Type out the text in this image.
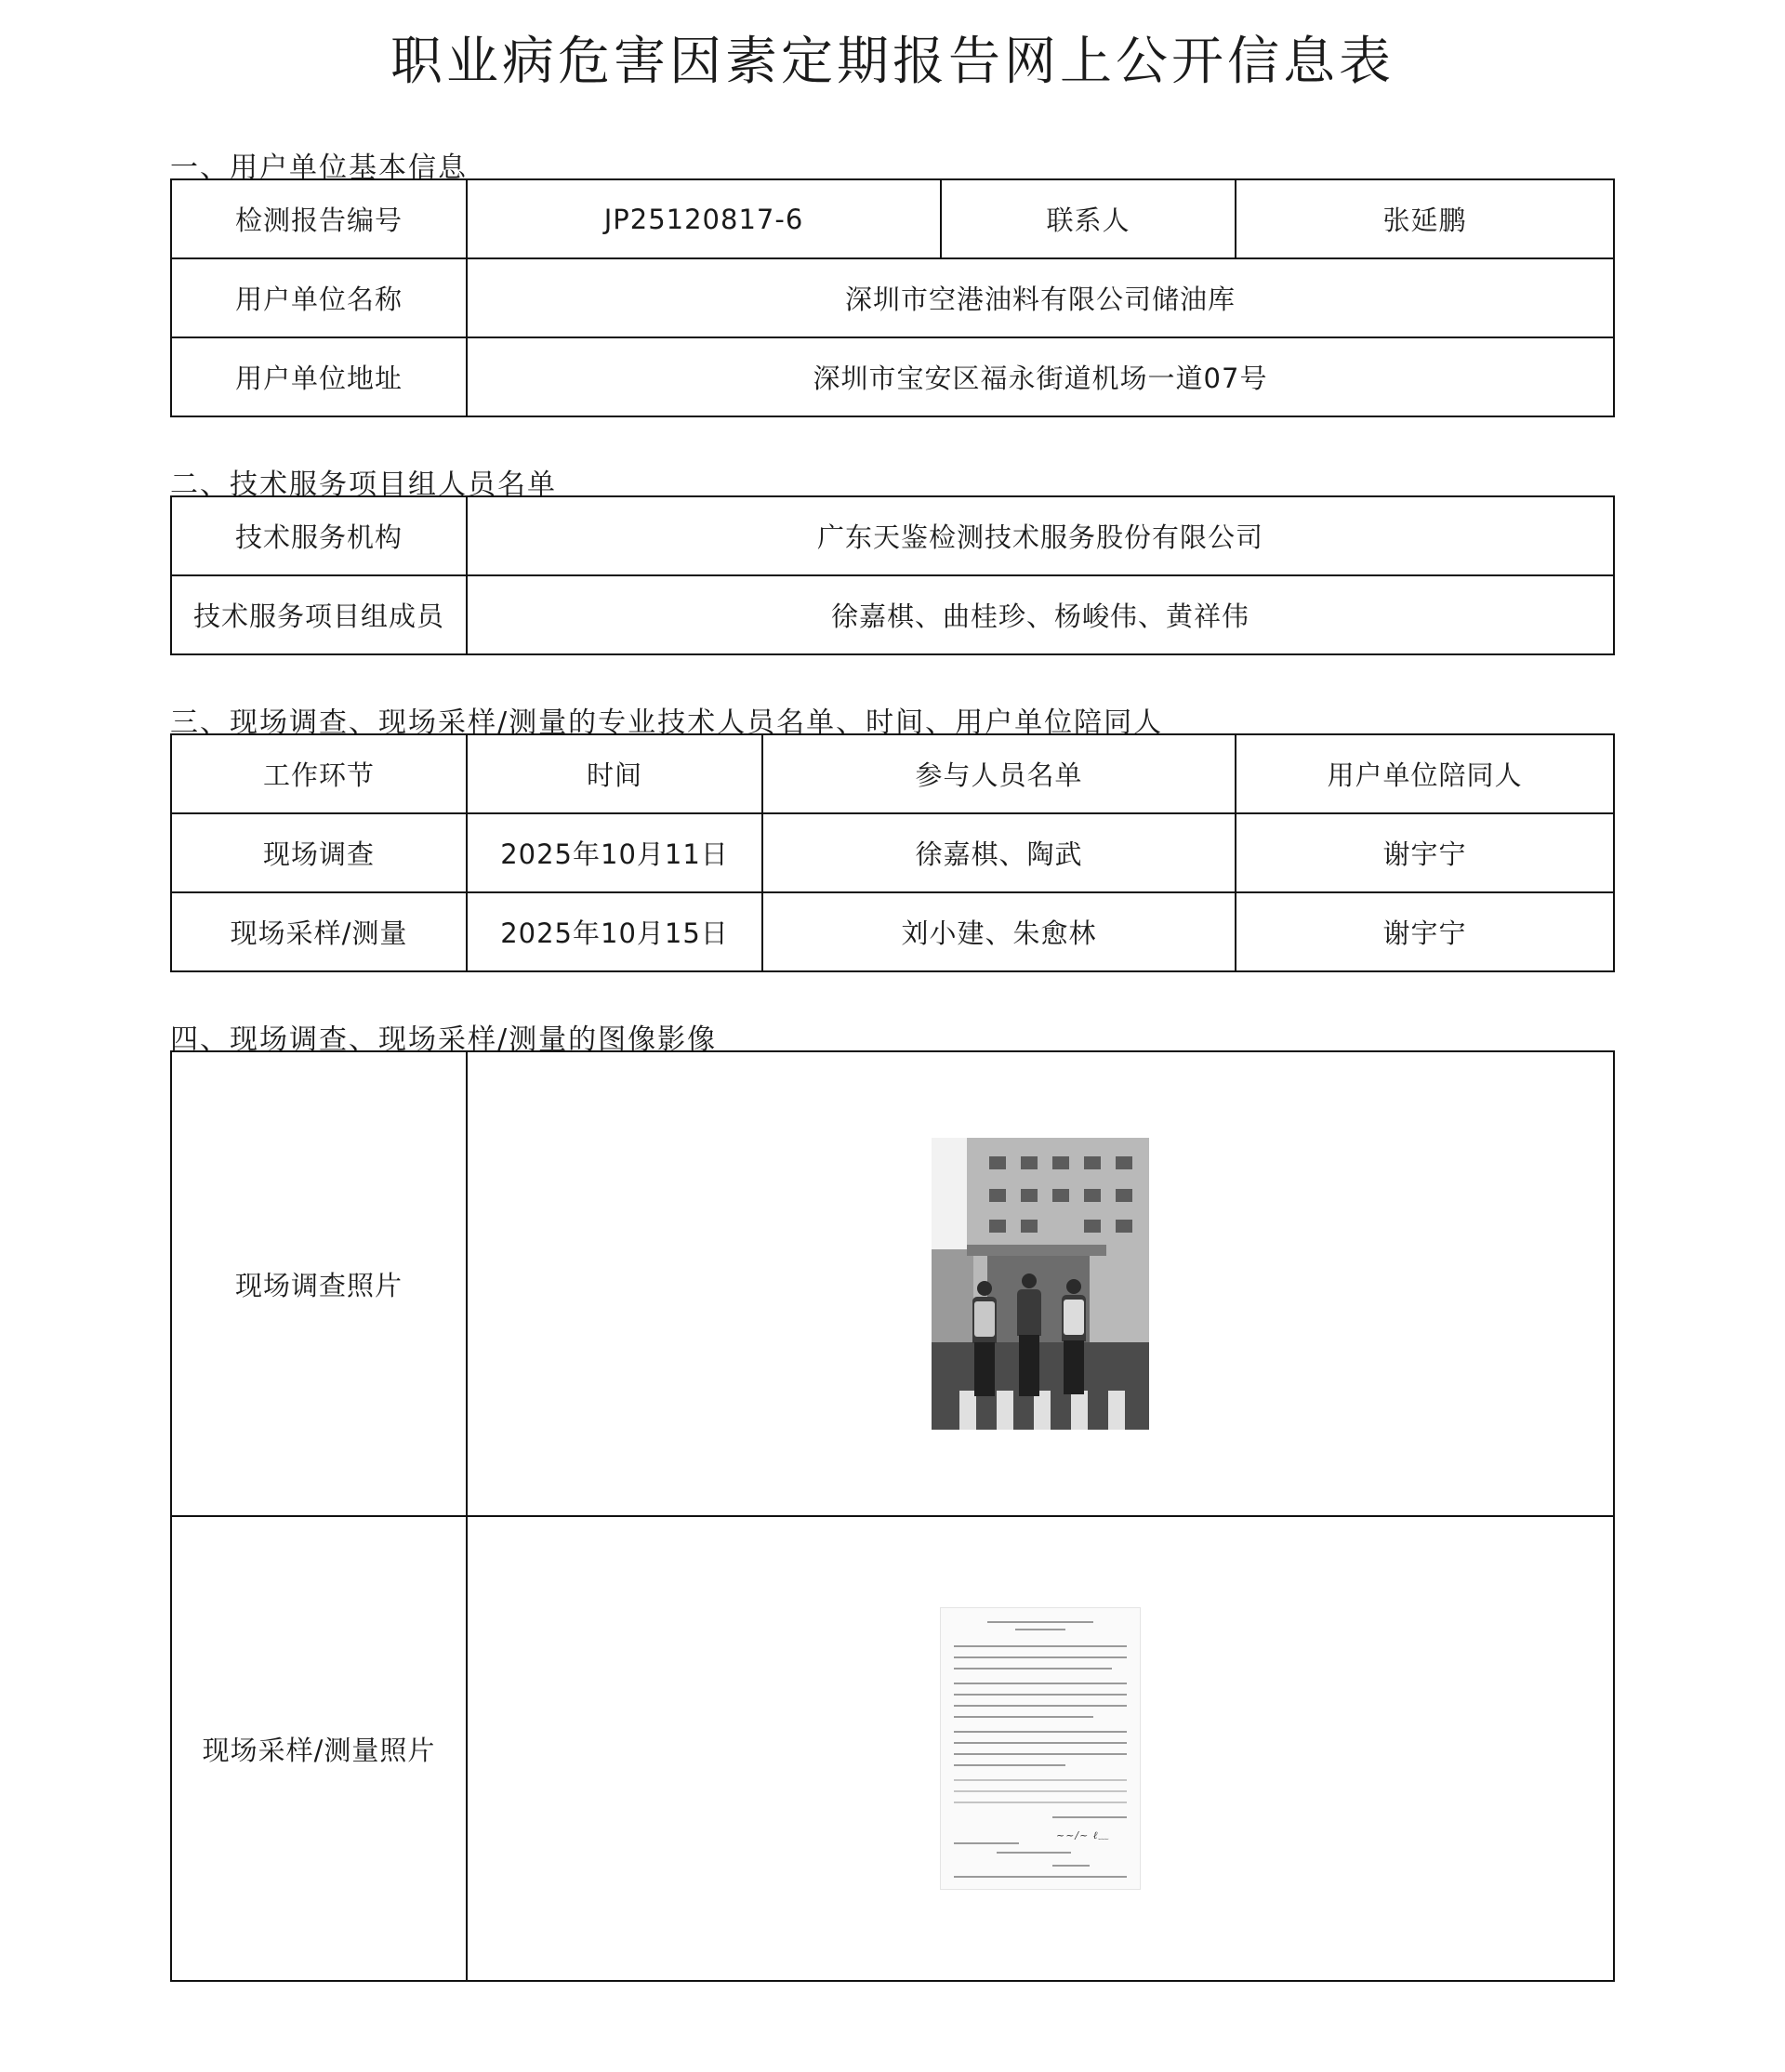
职业病危害因素定期报告网上公开信息表
一、用户单位基本信息
检测报告编号	JP25120817-6	联系人	张延鹏
用户单位名称	深圳市空港油料有限公司储油库		
用户单位地址	深圳市宝安区福永街道机场一道07号		
二、技术服务项目组人员名单
技术服务机构	广东天鉴检测技术服务股份有限公司
技术服务项目组成员	徐嘉棋、曲桂珍、杨峻伟、黄祥伟
三、现场调查、现场采样/测量的专业技术人员名单、时间、用户单位陪同人
工作环节	时间	参与人员名单	用户单位陪同人
现场调查	2025年10月11日	徐嘉棋、陶武	谢宇宁
现场采样/测量	2025年10月15日	刘小建、朱愈林	谢宇宁
四、现场调查、现场采样/测量的图像影像
现场调查照片	

现场采样/测量照片	~~∕~ ℓ﹏
